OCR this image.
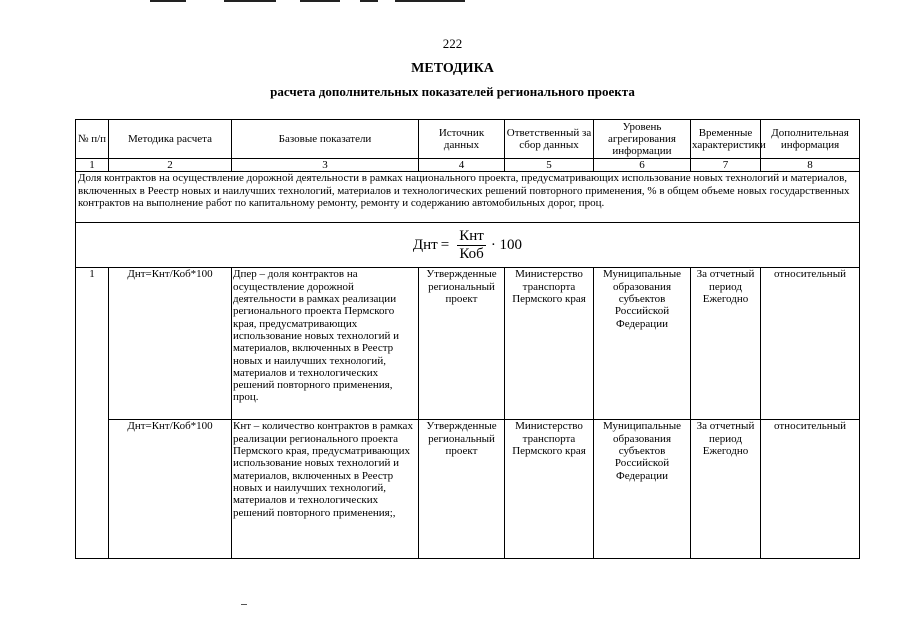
222
МЕТОДИКА
расчета дополнительных показателей регионального проекта
№ п/п	Методика расчета	Базовые показатели	Источник данных	Ответственный за сбор данных	Уровень агрегирования информации	Временные характеристики	Дополнительная информация
1	2	3	4	5	6	7	8
Доля контрактов на осуществление дорожной деятельности в рамках национального проекта, предусматривающих использование новых технологий и материалов, включенных в Реестр новых и наилучших технологий, материалов и технологических решений повторного применения, % в общем объеме новых государственных контрактов на выполнение работ по капитальному ремонту, ремонту и содержанию автомобильных дорог, проц.							

Днт = $\frac{\text{Кнт}}{\text{Коб}} \cdot 100$							

1	Днт=Кнт/Коб*100	Дпер – доля контрактов на осуществление дорожной деятельности в рамках реализации регионального проекта Пермского края, предусматривающих использование новых технологий и материалов, включенных в Реестр новых и наилучших технологий, материалов и технологических решений повторного применения, проц.	Утвержденные региональный проект	Министерство транспорта Пермского края	Муниципальные образования субъектов Российской Федерации	За отчетный период Ежегодно	относительный
	Днт=Кнт/Коб*100	Кнт – количество контрактов в рамках реализации регионального проекта Пермского края, предусматривающих использование новых технологий и материалов, включенных в Реестр новых и наилучших технологий, материалов и технологических решений повторного применения;,	Утвержденные региональный проект	Министерство транспорта Пермского края	Муниципальные образования субъектов Российской Федерации	За отчетный период Ежегодно	относительный
